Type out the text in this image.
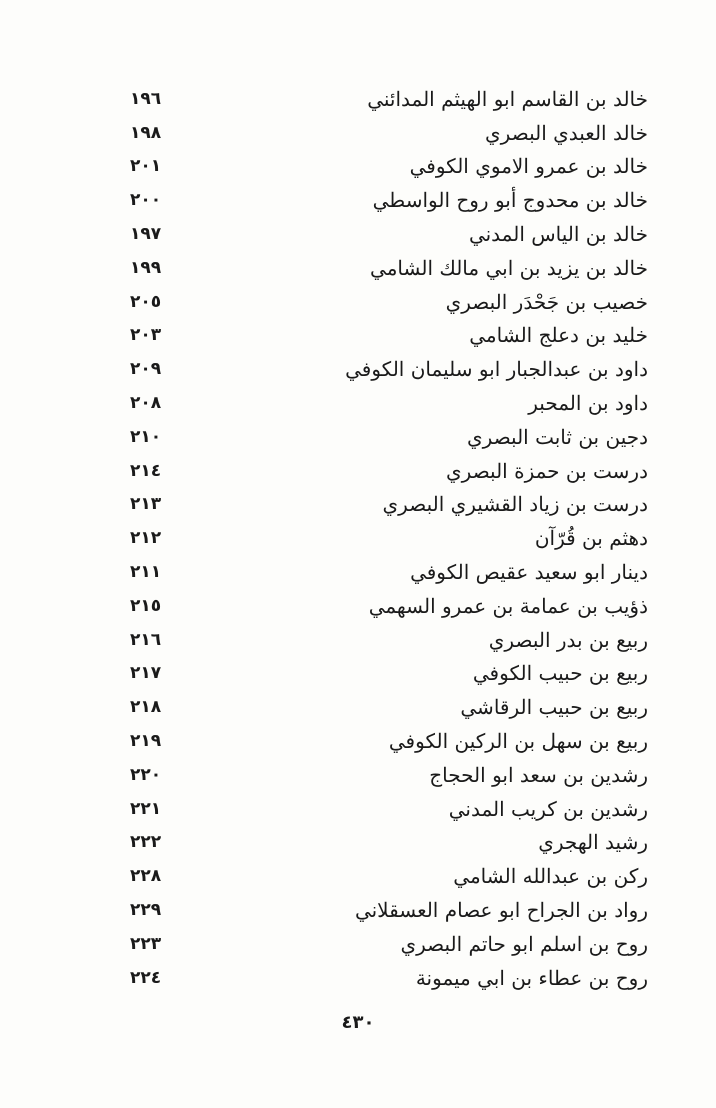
خالد بن القاسم ابو الهيثم المدائني
١٩٦
خالد العبدي البصري
١٩٨
خالد بن عمرو الاموي الكوفي
٢٠١
خالد بن محدوج أبو روح الواسطي
٢٠٠
خالد بن الياس المدني
١٩٧
خالد بن يزيد بن ابي مالك الشامي
١٩٩
خصيب بن جَحْدَر البصري
٢٠٥
خليد بن دعلج الشامي
٢٠٣
داود بن عبدالجبار ابو سليمان الكوفي
٢٠٩
داود بن المحبر
٢٠٨
دجين بن ثابت البصري
٢١٠
درست بن حمزة البصري
٢١٤
درست بن زياد القشيري البصري
٢١٣
دهثم بن قُرّآن
٢١٢
دينار ابو سعيد عقيص الكوفي
٢١١
ذؤيب بن عمامة بن عمرو السهمي
٢١٥
ربيع بن بدر البصري
٢١٦
ربيع بن حبيب الكوفي
٢١٧
ربيع بن حبيب الرقاشي
٢١٨
ربيع بن سهل بن الركين الكوفي
٢١٩
رشدين بن سعد ابو الحجاج
٢٢٠
رشدين بن كريب المدني
٢٢١
رشيد الهجري
٢٢٢
ركن بن عبدالله الشامي
٢٢٨
رواد بن الجراح ابو عصام العسقلاني
٢٢٩
روح بن اسلم ابو حاتم البصري
٢٢٣
روح بن عطاء بن ابي ميمونة
٢٢٤
٤٣٠
